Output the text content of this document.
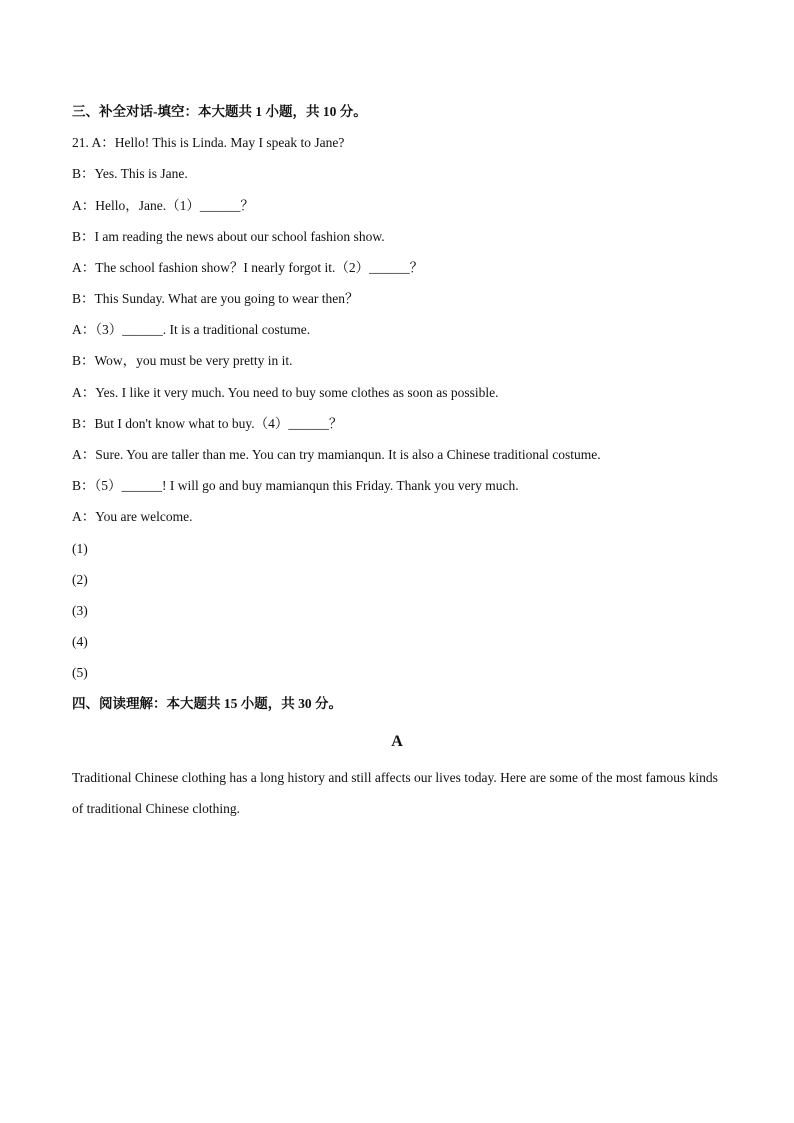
三、补全对话-填空：本大题共 1 小题，共 10 分。
21. A：Hello! This is Linda. May I speak to Jane?
B：Yes. This is Jane.
A：Hello，Jane.（1）______？
B：I am reading the news about our school fashion show.
A：The school fashion show？I nearly forgot it.（2）______？
B：This Sunday. What are you going to wear then？
A：（3）______. It is a traditional costume.
B：Wow，you must be very pretty in it.
A：Yes. I like it very much. You need to buy some clothes as soon as possible.
B：But I don't know what to buy.（4）______？
A：Sure. You are taller than me. You can try mamianqun. It is also a Chinese traditional costume.
B：（5）______! I will go and buy mamianqun this Friday. Thank you very much.
A：You are welcome.
(1)
(2)
(3)
(4)
(5)
四、阅读理解：本大题共 15 小题，共 30 分。
A
Traditional Chinese clothing has a long history and still affects our lives today. Here are some of the most famous kinds of traditional Chinese clothing.
